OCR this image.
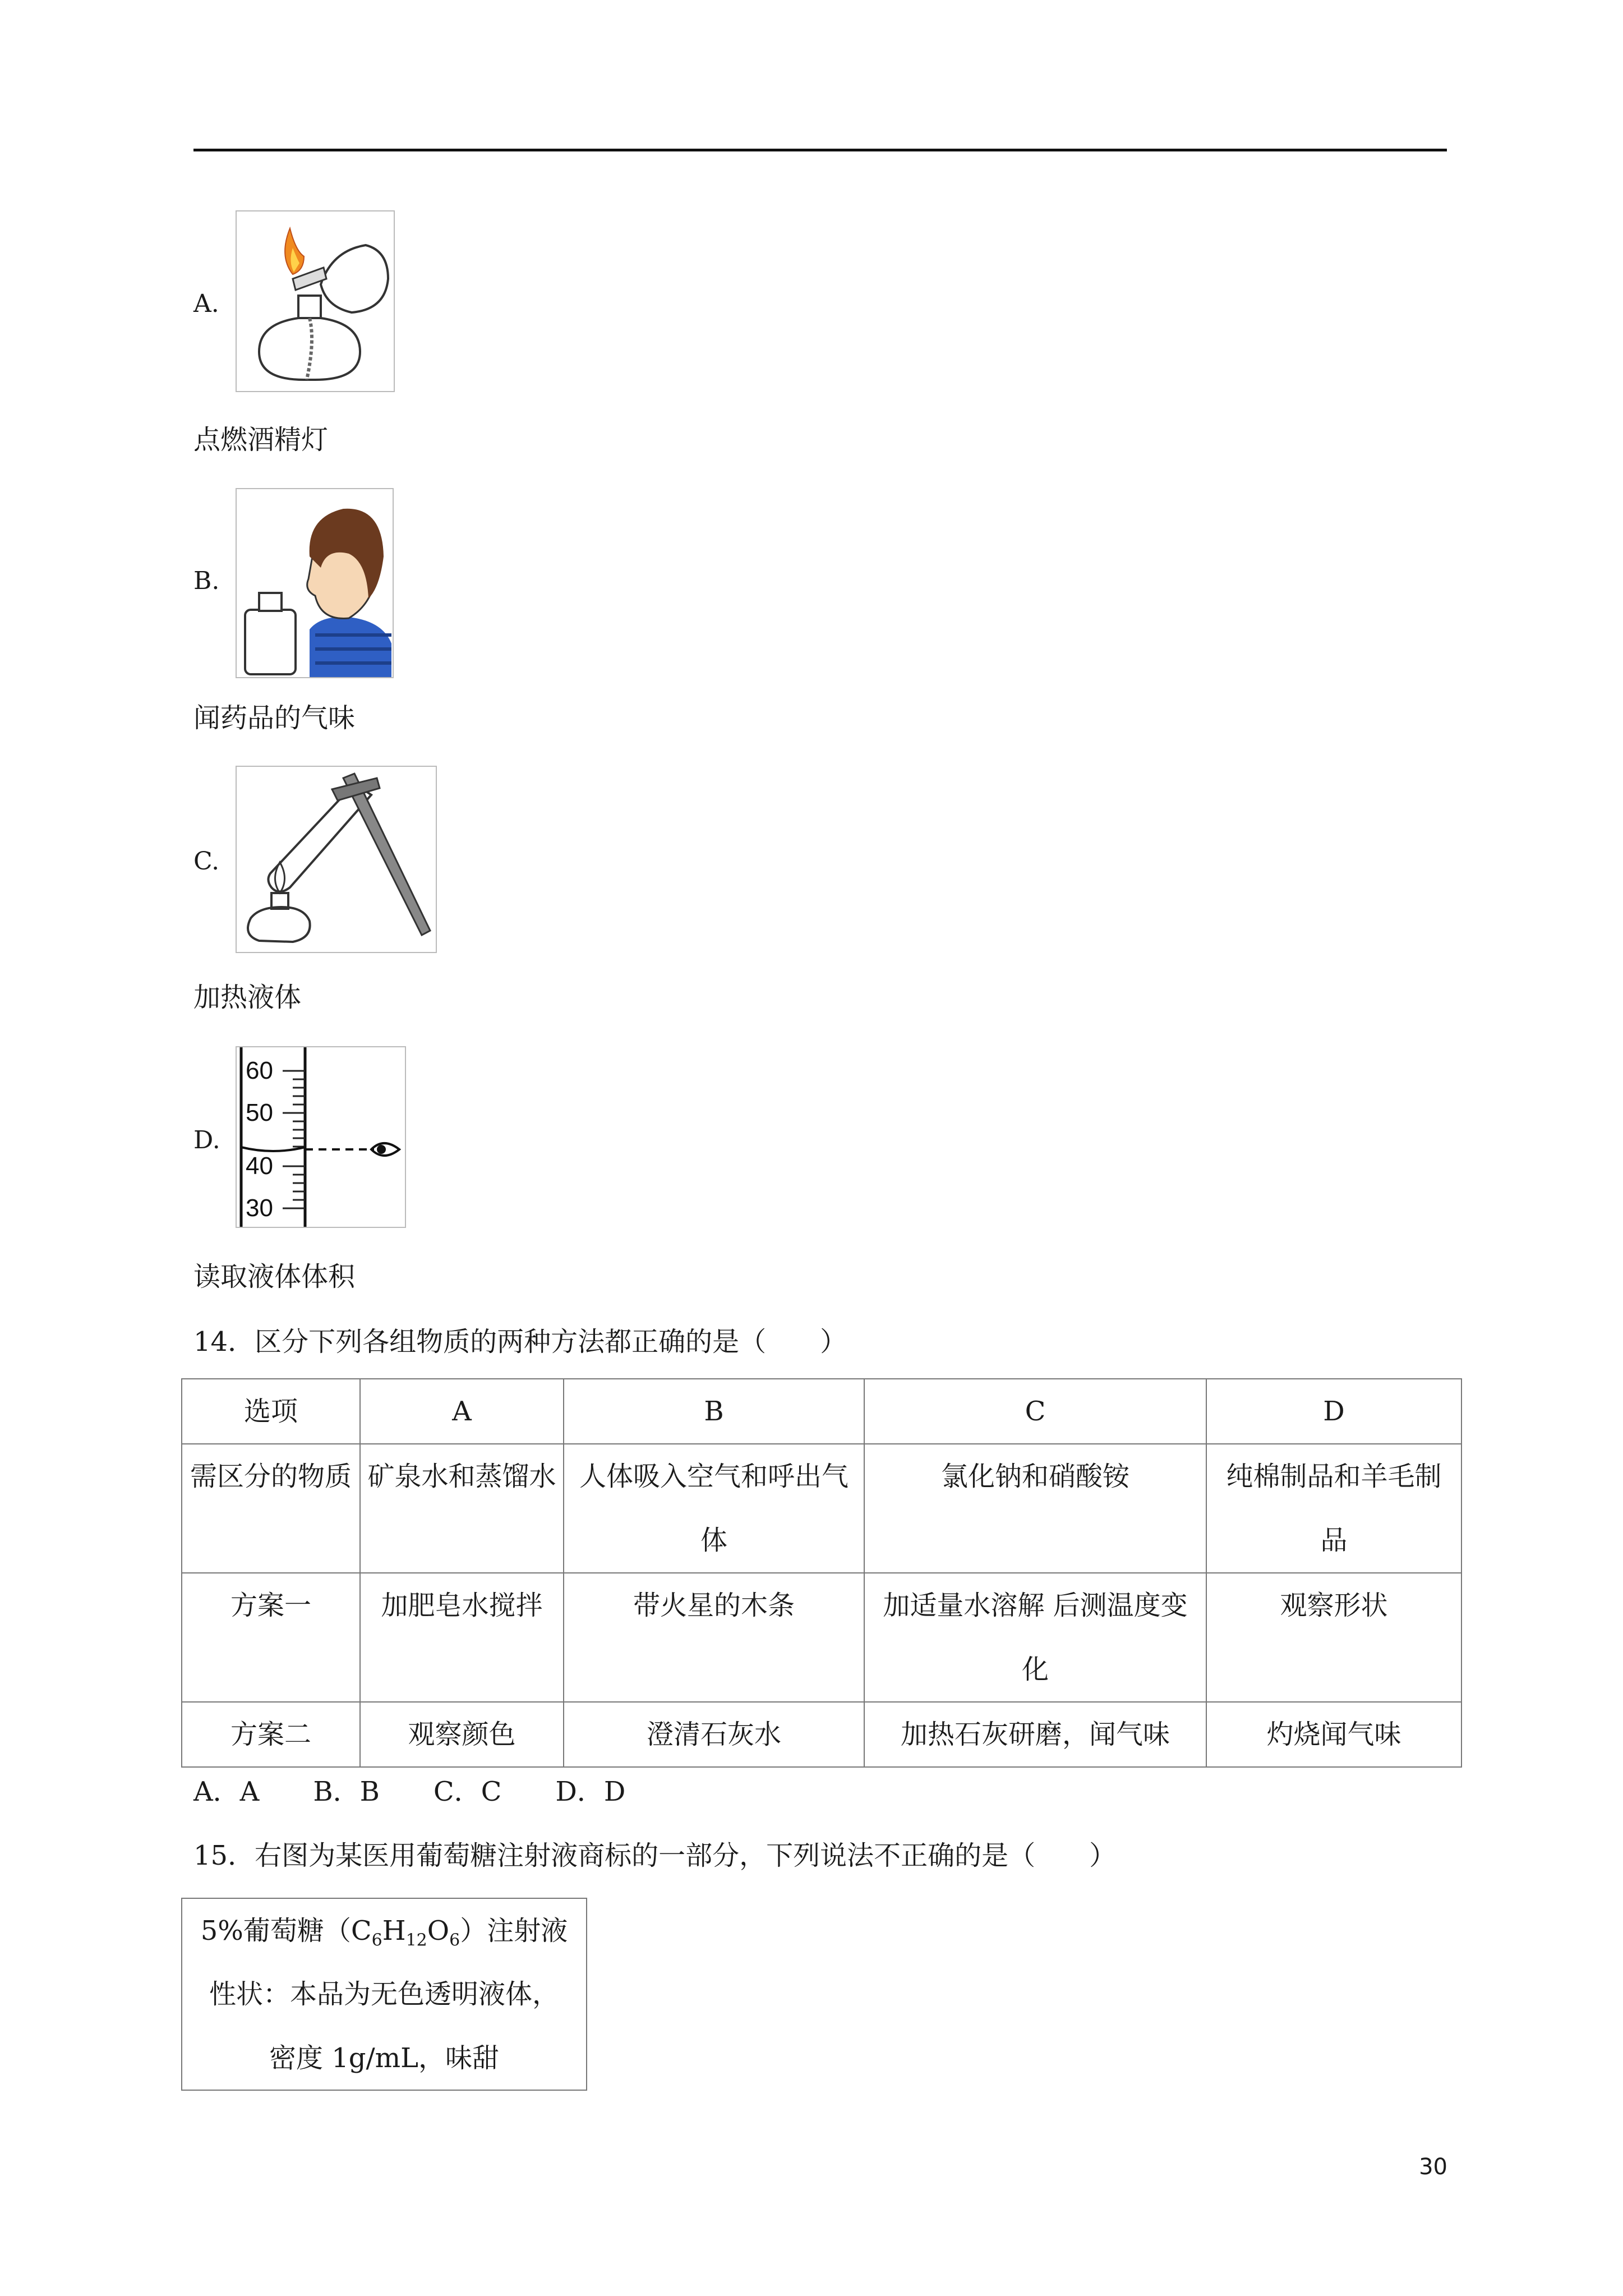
A.
点燃酒精灯
B.
闻药品的气味
C.
加热液体
D.
60
50
40
30
读取液体体积
14．区分下列各组物质的两种方法都正确的是（　　）
选项	A	B	C	D
需区分的物质	矿泉水和蒸馏水	人体吸入空气和呼出气体	氯化钠和硝酸铵	纯棉制品和羊毛制品
方案一	加肥皂水搅拌	带火星的木条	加适量水溶解 后测温度变化	观察形状
方案二	观察颜色	澄清石灰水	加热石灰研磨，闻气味	灼烧闻气味
A．A　　B．B　　C．C　　D．D
15．右图为某医用葡萄糖注射液商标的一部分，下列说法不正确的是（　　）
5%葡萄糖$(C_6H_{12}O_6)$注射液
性状：本品为无色透明液体，
密度 1g/mL，味甜
30
